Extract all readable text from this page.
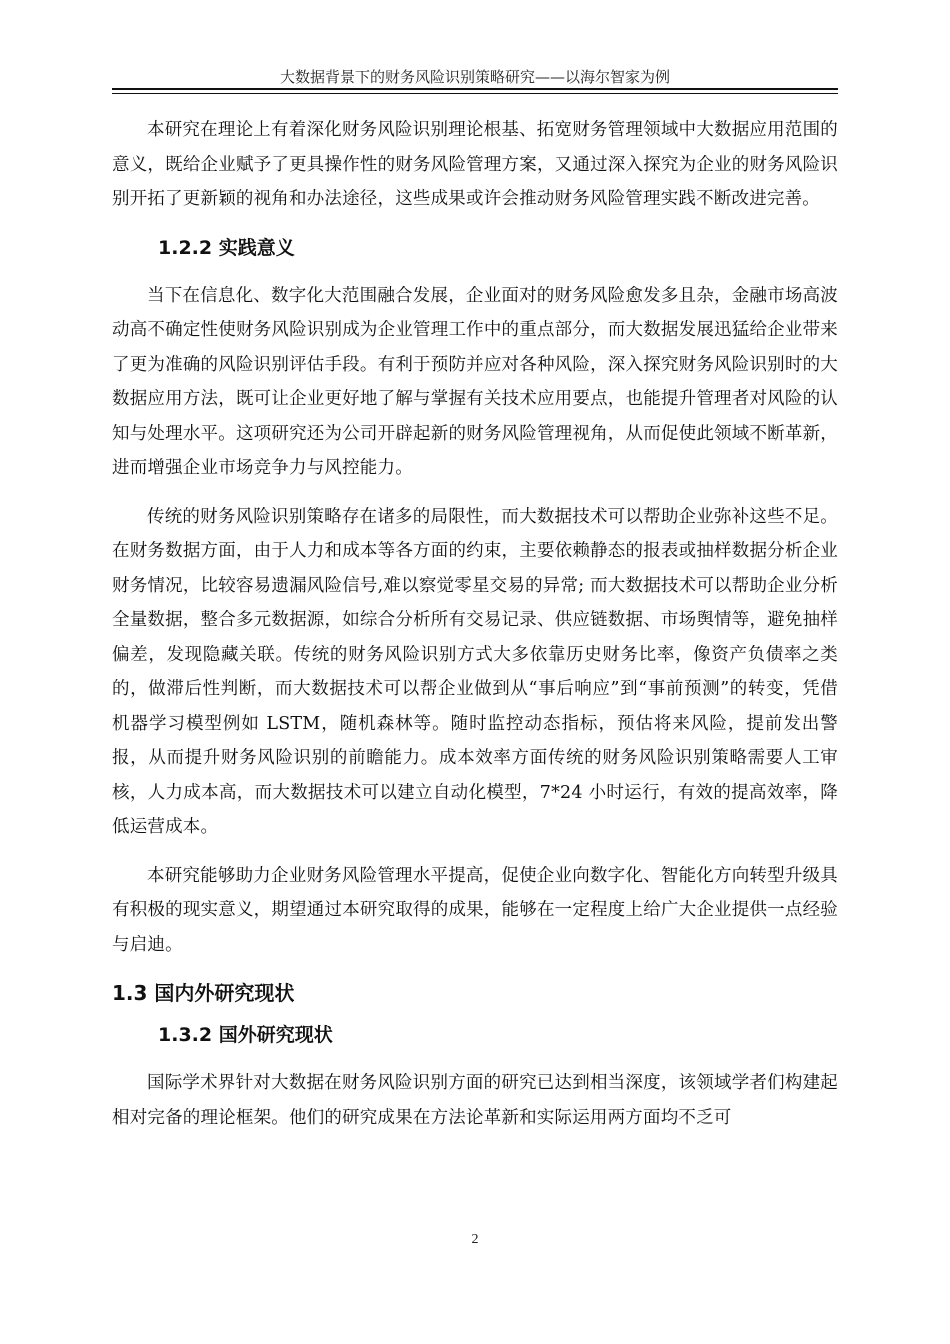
大数据背景下的财务风险识别策略研究——以海尔智家为例

本研究在理论上有着深化财务风险识别理论根基、拓宽财务管理领域中大数据应用范围的意义，既给企业赋予了更具操作性的财务风险管理方案，又通过深入探究为企业的财务风险识别开拓了更新颖的视角和办法途径，这些成果或许会推动财务风险管理实践不断改进完善。

1.2.2 实践意义

当下在信息化、数字化大范围融合发展，企业面对的财务风险愈发多且杂，金融市场高波动高不确定性使财务风险识别成为企业管理工作中的重点部分，而大数据发展迅猛给企业带来了更为准确的风险识别评估手段。有利于预防并应对各种风险，深入探究财务风险识别时的大数据应用方法，既可让企业更好地了解与掌握有关技术应用要点，也能提升管理者对风险的认知与处理水平。这项研究还为公司开辟起新的财务风险管理视角，从而促使此领域不断革新，进而增强企业市场竞争力与风控能力。

传统的财务风险识别策略存在诸多的局限性，而大数据技术可以帮助企业弥补这些不足。在财务数据方面，由于人力和成本等各方面的约束，主要依赖静态的报表或抽样数据分析企业财务情况，比较容易遗漏风险信号,难以察觉零星交易的异常; 而大数据技术可以帮助企业分析全量数据，整合多元数据源，如综合分析所有交易记录、供应链数据、市场舆情等，避免抽样偏差，发现隐藏关联。传统的财务风险识别方式大多依靠历史财务比率，像资产负债率之类的，做滞后性判断，而大数据技术可以帮企业做到从“事后响应”到“事前预测”的转变，凭借机器学习模型例如 LSTM，随机森林等。随时监控动态指标，预估将来风险，提前发出警报，从而提升财务风险识别的前瞻能力。成本效率方面传统的财务风险识别策略需要人工审核，人力成本高，而大数据技术可以建立自动化模型，7*24 小时运行，有效的提高效率，降低运营成本。

本研究能够助力企业财务风险管理水平提高，促使企业向数字化、智能化方向转型升级具有积极的现实意义，期望通过本研究取得的成果，能够在一定程度上给广大企业提供一点经验与启迪。

1.3 国内外研究现状
1.3.2 国外研究现状

国际学术界针对大数据在财务风险识别方面的研究已达到相当深度，该领域学者们构建起相对完备的理论框架。他们的研究成果在方法论革新和实际运用两方面均不乏可

2
